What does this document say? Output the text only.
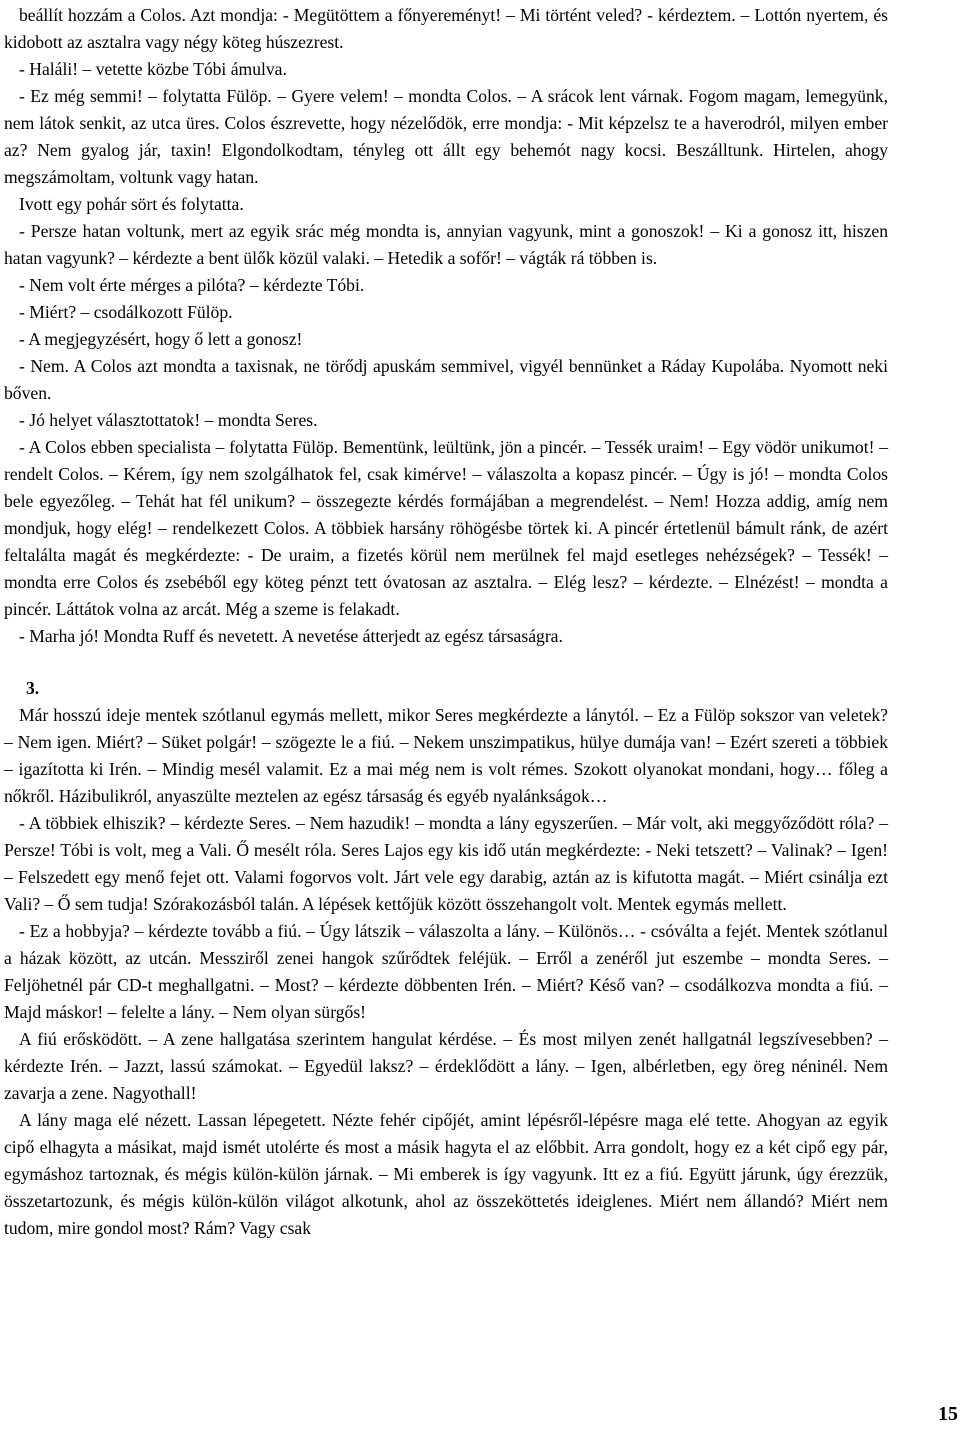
beállít hozzám a Colos. Azt mondja: - Megütöttem a főnyereményt! – Mi történt veled? - kérdeztem. – Lottón nyertem, és kidobott az asztalra vagy négy köteg húszezrest.

- Haláli! – vetette közbe Tóbi ámulva.

- Ez még semmi! – folytatta Fülöp. – Gyere velem! – mondta Colos. – A srácok lent várnak. Fogom magam, lemegyünk, nem látok senkit, az utca üres. Colos észrevette, hogy nézelődök, erre mondja: - Mit képzelsz te a haverodról, milyen ember az? Nem gyalog jár, taxin! Elgondolkodtam, tényleg ott állt egy behemót nagy kocsi. Beszálltunk. Hirtelen, ahogy megszámoltam, voltunk vagy hatan.

Ivott egy pohár sört és folytatta.

- Persze hatan voltunk, mert az egyik srác még mondta is, annyian vagyunk, mint a gonoszok! – Ki a gonosz itt, hiszen hatan vagyunk? – kérdezte a bent ülők közül valaki. – Hetedik a sofőr! – vágták rá többen is.

- Nem volt érte mérges a pilóta? – kérdezte Tóbi.

- Miért? – csodálkozott Fülöp.

- A megjegyzésért, hogy ő lett a gonosz!

- Nem. A Colos azt mondta a taxisnak, ne törődj apuskám semmivel, vigyél bennünket a Ráday Kupolába. Nyomott neki bőven.

- Jó helyet választottatok! – mondta Seres.

- A Colos ebben specialista – folytatta Fülöp. Bementünk, leültünk, jön a pincér. – Tessék uraim! – Egy vödör unikumot! – rendelt Colos. – Kérem, így nem szolgálhatok fel, csak kimérve! – válaszolta a kopasz pincér. – Úgy is jó! – mondta Colos bele egyezőleg. – Tehát hat fél unikum? – összegezte kérdés formájában a megrendelést. – Nem! Hozza addig, amíg nem mondjuk, hogy elég! – rendelkezett Colos. A többiek harsány röhögésbe törtek ki. A pincér értetlenül bámult ránk, de azért feltalálta magát és megkérdezte: - De uraim, a fizetés körül nem merülnek fel majd esetleges nehézségek? – Tessék! – mondta erre Colos és zsebéből egy köteg pénzt tett óvatosan az asztalra. – Elég lesz? – kérdezte. – Elnézést! – mondta a pincér. Láttátok volna az arcát. Még a szeme is felakadt.

- Marha jó! Mondta Ruff és nevetett. A nevetése átterjedt az egész társaságra.

3.

Már hosszú ideje mentek szótlanul egymás mellett, mikor Seres megkérdezte a lánytól. – Ez a Fülöp sokszor van veletek? – Nem igen. Miért? – Süket polgár! – szögezte le a fiú. – Nekem unszimpatikus, hülye dumája van! – Ezért szereti a többiek – igazította ki Irén. – Mindig mesél valamit. Ez a mai még nem is volt rémes. Szokott olyanokat mondani, hogy… főleg a nőkről. Házibulikról, anyaszülte meztelen az egész társaság és egyéb nyalánkságok…

- A többiek elhiszik? – kérdezte Seres. – Nem hazudik! – mondta a lány egyszerűen. – Már volt, aki meggyőződött róla? – Persze! Tóbi is volt, meg a Vali. Ő mesélt róla. Seres Lajos egy kis idő után megkérdezte: - Neki tetszett? – Valinak? – Igen! – Felszedett egy menő fejet ott. Valami fogorvos volt. Járt vele egy darabig, aztán az is kifutotta magát. – Miért csinálja ezt Vali? – Ő sem tudja! Szórakozásból talán. A lépések kettőjük között összehangolt volt. Mentek egymás mellett.

- Ez a hobbyja? – kérdezte tovább a fiú. – Úgy látszik – válaszolta a lány. – Különös… - csóválta a fejét. Mentek szótlanul a házak között, az utcán. Messziről zenei hangok szűrődtek feléjük. – Erről a zenéről jut eszembe – mondta Seres. – Feljöhetnél pár CD-t meghallgatni. – Most? – kérdezte döbbenten Irén. – Miért? Késő van? – csodálkozva mondta a fiú. – Majd máskor! – felelte a lány. – Nem olyan sürgős!

A fiú erősködött. – A zene hallgatása szerintem hangulat kérdése. – És most milyen zenét hallgatnál legszívesebben? – kérdezte Irén. – Jazzt, lassú számokat. – Egyedül laksz? – érdeklődött a lány. – Igen, albérletben, egy öreg néninél. Nem zavarja a zene. Nagyothall!

A lány maga elé nézett. Lassan lépegetett. Nézte fehér cipőjét, amint lépésről-lépésre maga elé tette. Ahogyan az egyik cipő elhagyta a másikat, majd ismét utolérte és most a másik hagyta el az előbbit. Arra gondolt, hogy ez a két cipő egy pár, egymáshoz tartoznak, és mégis külön-külön járnak. – Mi emberek is így vagyunk. Itt ez a fiú. Együtt járunk, úgy érezzük, összetartozunk, és mégis külön-külön világot alkotunk, ahol az összeköttetés ideiglenes. Miért nem állandó? Miért nem tudom, mire gondol most? Rám? Vagy csak

15
